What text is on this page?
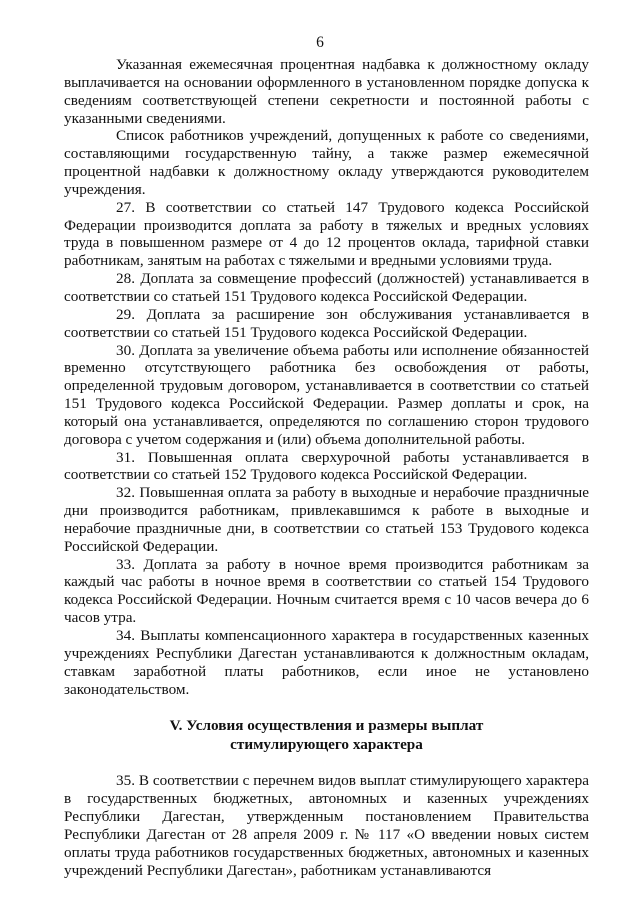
6

Указанная ежемесячная процентная надбавка к должностному окладу выплачивается на основании оформленного в установленном порядке допуска к сведениям соответствующей степени секретности и постоянной работы с указанными сведениями.

Список работников учреждений, допущенных к работе со сведениями, составляющими государственную тайну, а также размер ежемесячной процентной надбавки к должностному окладу утверждаются руководителем учреждения.

27. В соответствии со статьей 147 Трудового кодекса Российской Федерации производится доплата за работу в тяжелых и вредных условиях труда в повышенном размере от 4 до 12 процентов оклада, тарифной ставки работникам, занятым на работах с тяжелыми и вредными условиями труда.

28. Доплата за совмещение профессий (должностей) устанавливается в соответствии со статьей 151 Трудового кодекса Российской Федерации.

29. Доплата за расширение зон обслуживания устанавливается в соответствии со статьей 151 Трудового кодекса Российской Федерации.

30. Доплата за увеличение объема работы или исполнение обязанностей временно отсутствующего работника без освобождения от работы, определенной трудовым договором, устанавливается в соответствии со статьей 151 Трудового кодекса Российской Федерации. Размер доплаты и срок, на который она устанавливается, определяются по соглашению сторон трудового договора с учетом содержания и (или) объема дополнительной работы.

31. Повышенная оплата сверхурочной работы устанавливается в соответствии со статьей 152 Трудового кодекса Российской Федерации.

32. Повышенная оплата за работу в выходные и нерабочие праздничные дни производится работникам, привлекавшимся к работе в выходные и нерабочие праздничные дни, в соответствии со статьей 153 Трудового кодекса Российской Федерации.

33. Доплата за работу в ночное время производится работникам за каждый час работы в ночное время в соответствии со статьей 154 Трудового кодекса Российской Федерации. Ночным считается время с 10 часов вечера до 6 часов утра.

34. Выплаты компенсационного характера в государственных казенных учреждениях Республики Дагестан устанавливаются к должностным окладам, ставкам заработной платы работников, если иное не установлено законодательством.

V. Условия осуществления и размеры выплат
стимулирующего характера

35. В соответствии с перечнем видов выплат стимулирующего характера в государственных бюджетных, автономных и казенных учреждениях Республики Дагестан, утвержденным постановлением Правительства Республики Дагестан от 28 апреля 2009 г. № 117 «О введении новых систем оплаты труда работников государственных бюджетных, автономных и казенных учреждений Республики Дагестан», работникам устанавливаются
